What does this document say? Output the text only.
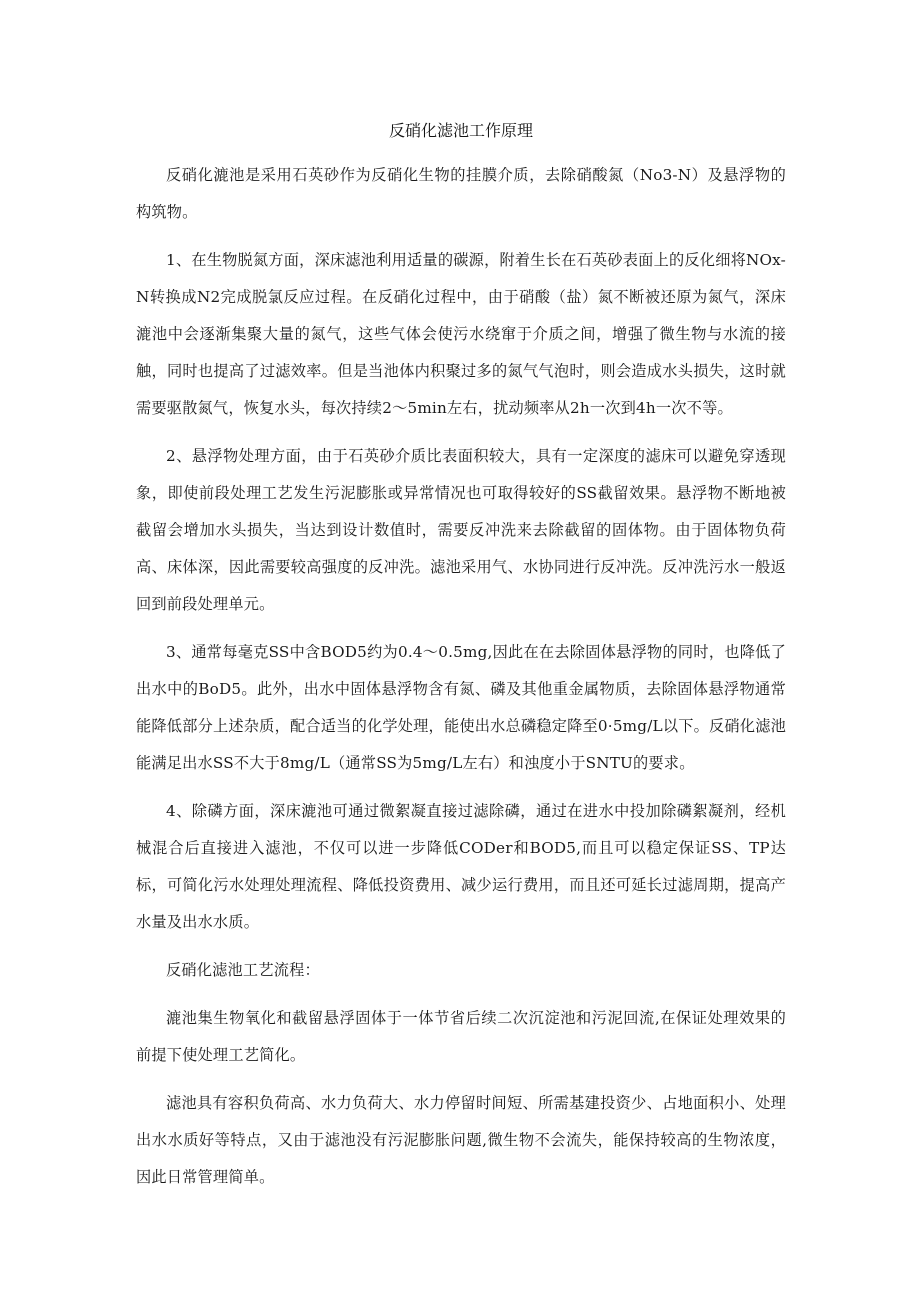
反硝化滤池工作原理

反硝化漉池是采用石英砂作为反硝化生物的挂膜介质，去除硝酸氮（No3-N）及悬浮物的构筑物。

1、在生物脱氮方面，深床滤池利用适量的碳源，附着生长在石英砂表面上的反化细将NOx-N转换成N2完成脱氯反应过程。在反硝化过程中，由于硝酸（盐）氮不断被还原为氮气，深床漉池中会逐渐集聚大量的氮气，这些气体会使污水绕窜于介质之间，增强了微生物与水流的接触，同时也提高了过滤效率。但是当池体内积聚过多的氮气气泡时，则会造成水头损失，这时就需要驱散氮气，恢复水头，每次持续2～5min左右，扰动频率从2h一次到4h一次不等。

2、悬浮物处理方面，由于石英砂介质比表面积较大，具有一定深度的滤床可以避免穿透现象，即使前段处理工艺发生污泥膨胀或异常情况也可取得较好的SS截留效果。悬浮物不断地被截留会增加水头损失，当达到设计数值时，需要反冲洗来去除截留的固体物。由于固体物负荷高、床体深，因此需要较高强度的反冲洗。滤池采用气、水协同进行反冲洗。反冲洗污水一般返回到前段处理单元。

3、通常每毫克SS中含BOD5约为0.4～0.5mg,因此在在去除固体悬浮物的同时，也降低了出水中的BoD5。此外，出水中固体悬浮物含有氮、磷及其他重金属物质，去除固体悬浮物通常能降低部分上述杂质，配合适当的化学处理，能使出水总磷稳定降至0·5mg∕L以下。反硝化滤池能满足出水SS不大于8mg∕L（通常SS为5mg∕L左右）和浊度小于SNTU的要求。

4、除磷方面，深床漉池可通过微絮凝直接过滤除磷，通过在进水中投加除磷絮凝剂，经机械混合后直接进入滤池，不仅可以进一步降低CODer和BOD5,而且可以稳定保证SS、TP达标，可简化污水处理处理流程、降低投资费用、减少运行费用，而且还可延长过滤周期，提高产水量及出水水质。

反硝化滤池工艺流程：

漉池集生物氧化和截留悬浮固体于一体节省后续二次沉淀池和污泥回流,在保证处理效果的前提下使处理工艺简化。

滤池具有容积负荷高、水力负荷大、水力停留时间短、所需基建投资少、占地面积小、处理出水水质好等特点，又由于滤池没有污泥膨胀问题,微生物不会流失，能保持较高的生物浓度，因此日常管理简单。
